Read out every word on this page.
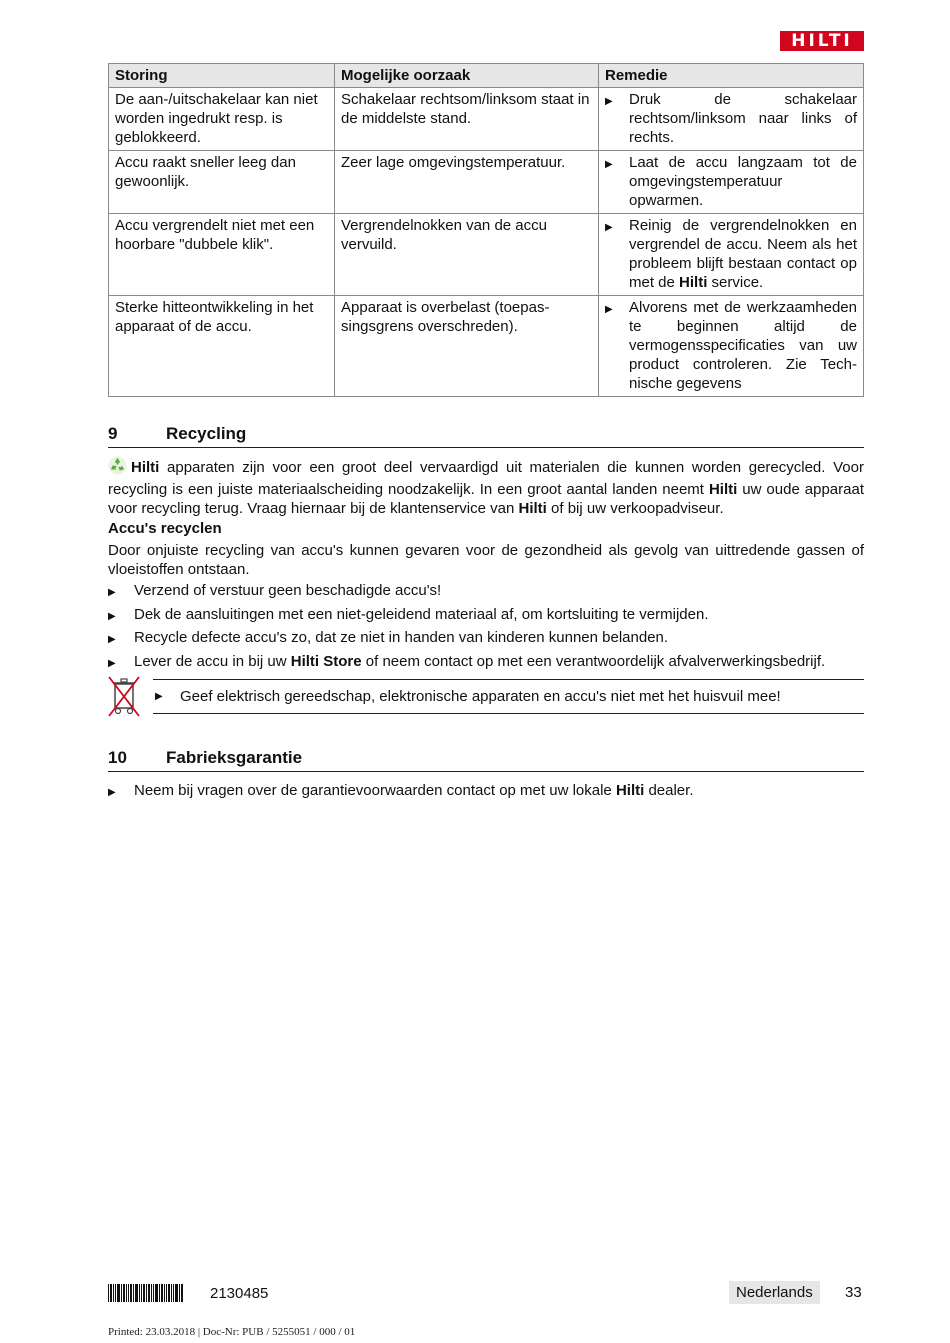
HILTI
Storing	Mogelijke oorzaak	Remedie
De aan-/uitschakelaar kan niet worden ingedrukt resp. is geblokkeerd.	Schakelaar rechtsom/linksom staat in de middelste stand.	▶ Druk de schakelaar rechtsom/linksom naar links of rechts.

Accu raakt sneller leeg dan gewoonlijk.	Zeer lage omgevingstemperatuur.	▶ Laat de accu langzaam tot de omgevingstemperatuur opwarmen.

Accu vergrendelt niet met een hoorbare "dubbele klik".	Vergrendelnokken van de accu vervuild.	▶ Reinig de vergrendelnokken en vergrendel de accu. Neem als het probleem blijft bestaan contact op met de Hilti service.

Sterke hitteontwikkeling in het apparaat of de accu.	Apparaat is overbelast (toepassingsgrens overschreden).	▶ Alvorens met de werkzaamheden te beginnen altijd de vermogensspecificaties van uw product controleren. Zie Technische gegevens
9	Recycling
Hilti apparaten zijn voor een groot deel vervaardigd uit materialen die kunnen worden gerecycled. Voor recycling is een juiste materiaalscheiding noodzakelijk. In een groot aantal landen neemt Hilti uw oude apparaat voor recycling terug. Vraag hiernaar bij de klantenservice van Hilti of bij uw verkoopadviseur.
Accu's recyclen
Door onjuiste recycling van accu's kunnen gevaren voor de gezondheid als gevolg van uittredende gassen of vloeistoffen ontstaan.
▶	Verzend of verstuur geen beschadigde accu's!
▶	Dek de aansluitingen met een niet-geleidend materiaal af, om kortsluiting te vermijden.
▶	Recycle defecte accu's zo, dat ze niet in handen van kinderen kunnen belanden.
▶	Lever de accu in bij uw Hilti Store of neem contact op met een verantwoordelijk afvalverwerkingsbedrijf.
▶	Geef elektrisch gereedschap, elektronische apparaten en accu's niet met het huisvuil mee!
10	Fabrieksgarantie
▶	Neem bij vragen over de garantievoorwaarden contact op met uw lokale Hilti dealer.
2130485	Nederlands	33
Printed: 23.03.2018 | Doc-Nr: PUB / 5255051 / 000 / 01
